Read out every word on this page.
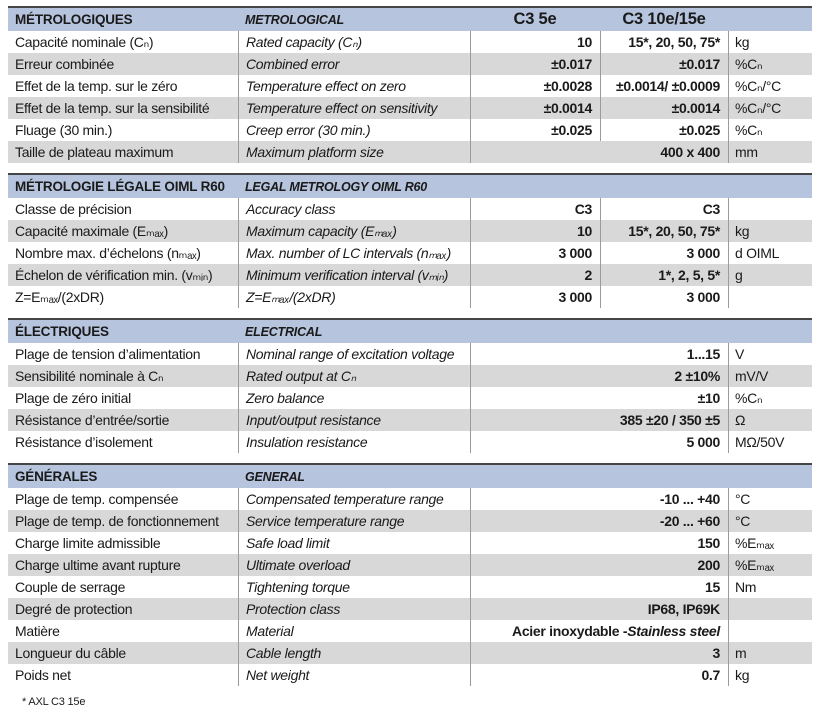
MÉTROLOGIQUES	METROLOGICAL	C3 5e	C3 10e/15e
Capacité nominale (Cₙ)	Rated capacity (Cₙ)	10	15*, 20, 50, 75*	kg
Erreur combinée	Combined error	±0.017	±0.017	%Cₙ
Effet de la temp. sur le zéro	Temperature effect on zero	±0.0028	±0.0014/ ±0.0009	%Cₙ/°C
Effet de la temp. sur la sensibilité	Temperature effect on sensitivity	±0.0014	±0.0014	%Cₙ/°C
Fluage (30 min.)	Creep error (30 min.)	±0.025	±0.025	%Cₙ
Taille de plateau maximum	Maximum platform size	400 x 400	mm
MÉTROLOGIE LÉGALE OIML R60	LEGAL METROLOGY OIML R60
Classe de précision	Accuracy class	C3	C3
Capacité maximale (Eₘₐₓ)	Maximum capacity (Eₘₐₓ)	10	15*, 20, 50, 75*	kg
Nombre max. d’échelons (nₘₐₓ)	Max. number of LC intervals (nₘₐₓ)	3 000	3 000	d OIML
Échelon de vérification min. (vₘᵢₙ)	Minimum verification interval (vₘᵢₙ)	2	1*, 2, 5, 5*	g
Z=Eₘₐₓ/(2xDR)	Z=Eₘₐₓ/(2xDR)	3 000	3 000
ÉLECTRIQUES	ELECTRICAL
Plage de tension d’alimentation	Nominal range of excitation voltage	1...15	V
Sensibilité nominale à Cₙ	Rated output at Cₙ	2 ±10%	mV/V
Plage de zéro initial	Zero balance	±10	%Cₙ
Résistance d’entrée/sortie	Input/output resistance	385 ±20 / 350 ±5	Ω
Résistance d’isolement	Insulation resistance	5 000	MΩ/50V
GÉNÉRALES	GENERAL
Plage de temp. compensée	Compensated temperature range	-10 ... +40	°C
Plage de temp. de fonctionnement	Service temperature range	-20 ... +60	°C
Charge limite admissible	Safe load limit	150	%Eₘₐₓ
Charge ultime avant rupture	Ultimate overload	200	%Eₘₐₓ
Couple de serrage	Tightening torque	15	Nm
Degré de protection	Protection class	IP68, IP69K
Matière	Material	Acier inoxydable - Stainless steel
Longueur du câble	Cable length	3	m
Poids net	Net weight	0.7	kg
* AXL C3 15e
